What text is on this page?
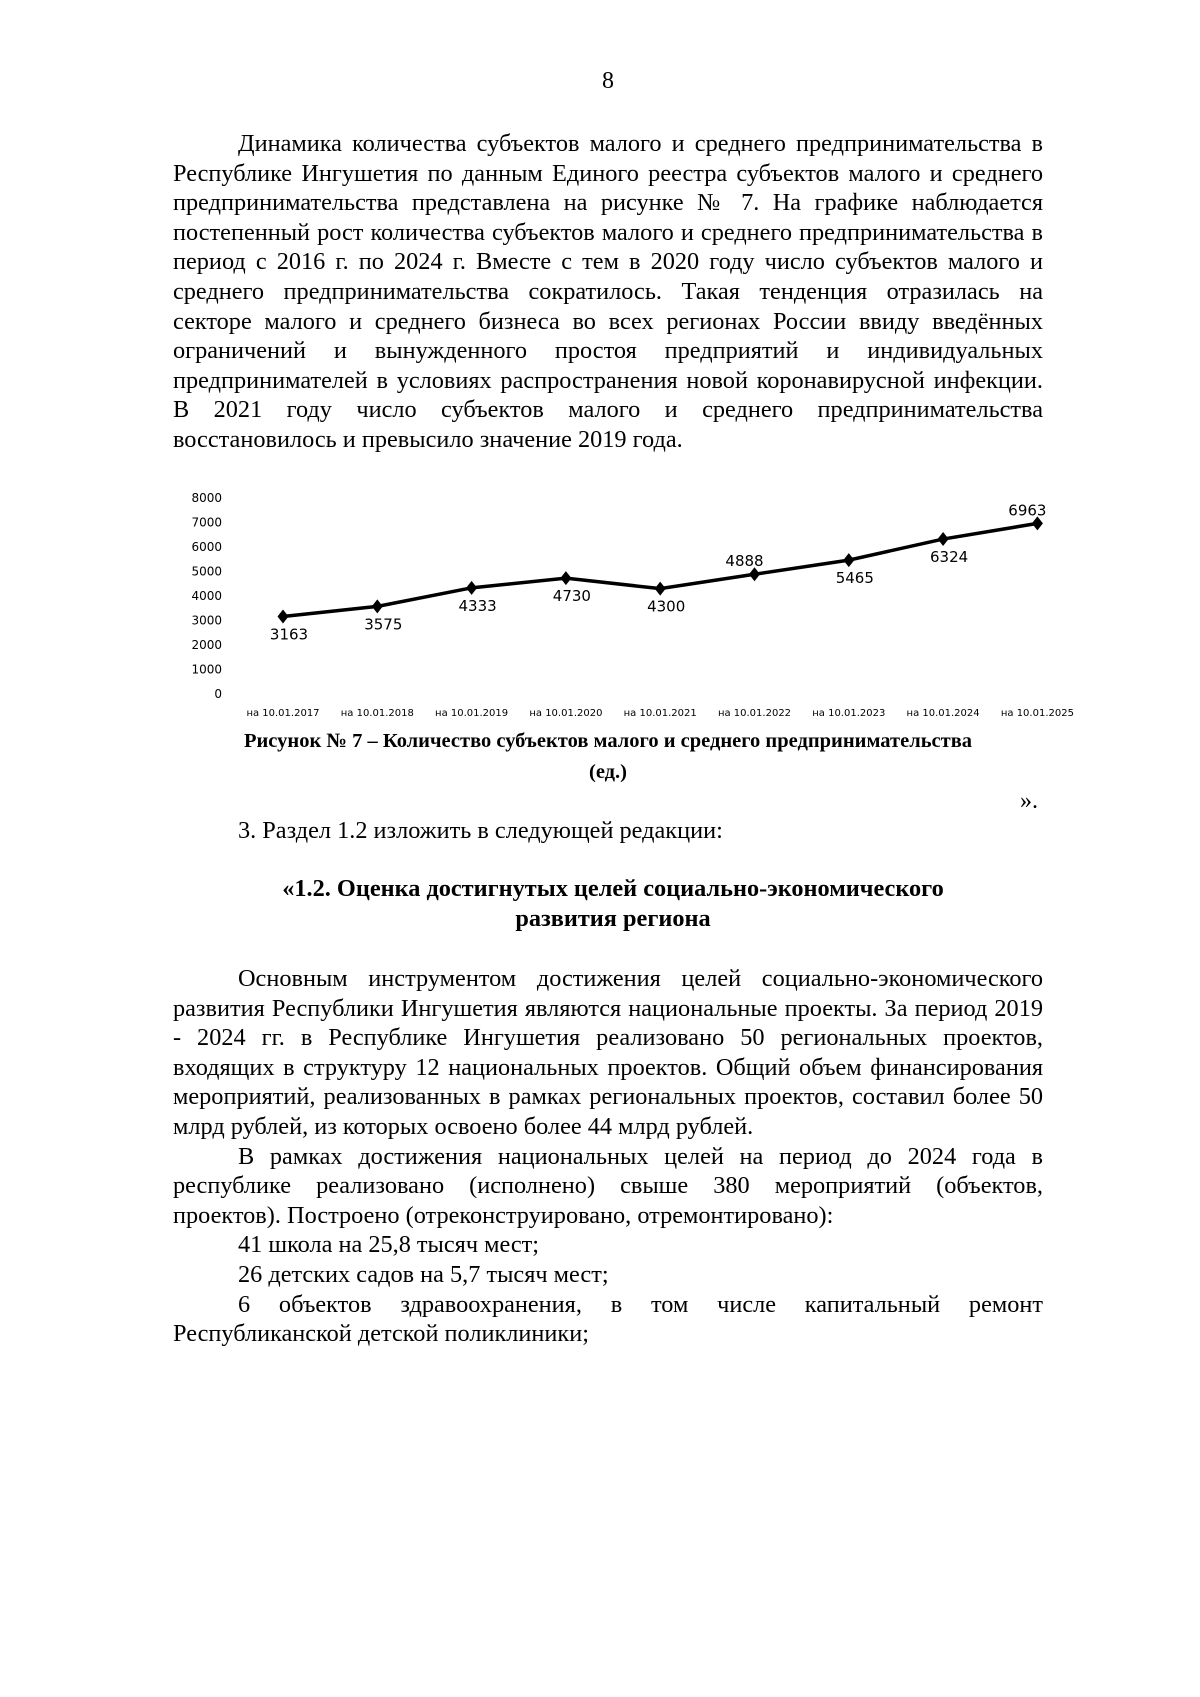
8

Динамика количества субъектов малого и среднего предпринимательства в Республике Ингушетия по данным Единого реестра субъектов малого и среднего предпринимательства представлена на рисунке № 7. На графике наблюдается постепенный рост количества субъектов малого и среднего предпринимательства в период с 2016 г. по 2024 г. Вместе с тем в 2020 году число субъектов малого и среднего предпринимательства сократилось. Такая тенденция отразилась на секторе малого и среднего бизнеса во всех регионах России ввиду введённых ограничений и вынужденного простоя предприятий и индивидуальных предпринимателей в условиях распространения новой коронавирусной инфекции. В 2021 году число субъектов малого и среднего предпринимательства восстановилось и превысило значение 2019 года.

0
1000
2000
3000
4000
5000
6000
7000
8000
на 10.01.2017 на 10.01.2018 на 10.01.2019 на 10.01.2020 на 10.01.2021 на 10.01.2022 на 10.01.2023 на 10.01.2024 на 10.01.2025
3163
3575
4333
4730
4300
4888
5465
6324
6963
Рисунок № 7 – Количество субъектов малого и среднего предпринимательства
(ед.)
».

3. Раздел 1.2 изложить в следующей редакции:

«1.2. Оценка достигнутых целей социально-экономического
развития региона

Основным инструментом достижения целей социально-экономического развития Республики Ингушетия являются национальные проекты. За период 2019 - 2024 гг. в Республике Ингушетия реализовано 50 региональных проектов, входящих в структуру 12 национальных проектов. Общий объем финансирования мероприятий, реализованных в рамках региональных проектов, составил более 50 млрд рублей, из которых освоено более 44 млрд рублей.

В рамках достижения национальных целей на период до 2024 года в республике реализовано (исполнено) свыше 380 мероприятий (объектов, проектов). Построено (отреконструировано, отремонтировано):

41 школа на 25,8 тысяч мест;

26 детских садов на 5,7 тысяч мест;

6 объектов здравоохранения, в том числе капитальный ремонт Республиканской детской поликлиники;
